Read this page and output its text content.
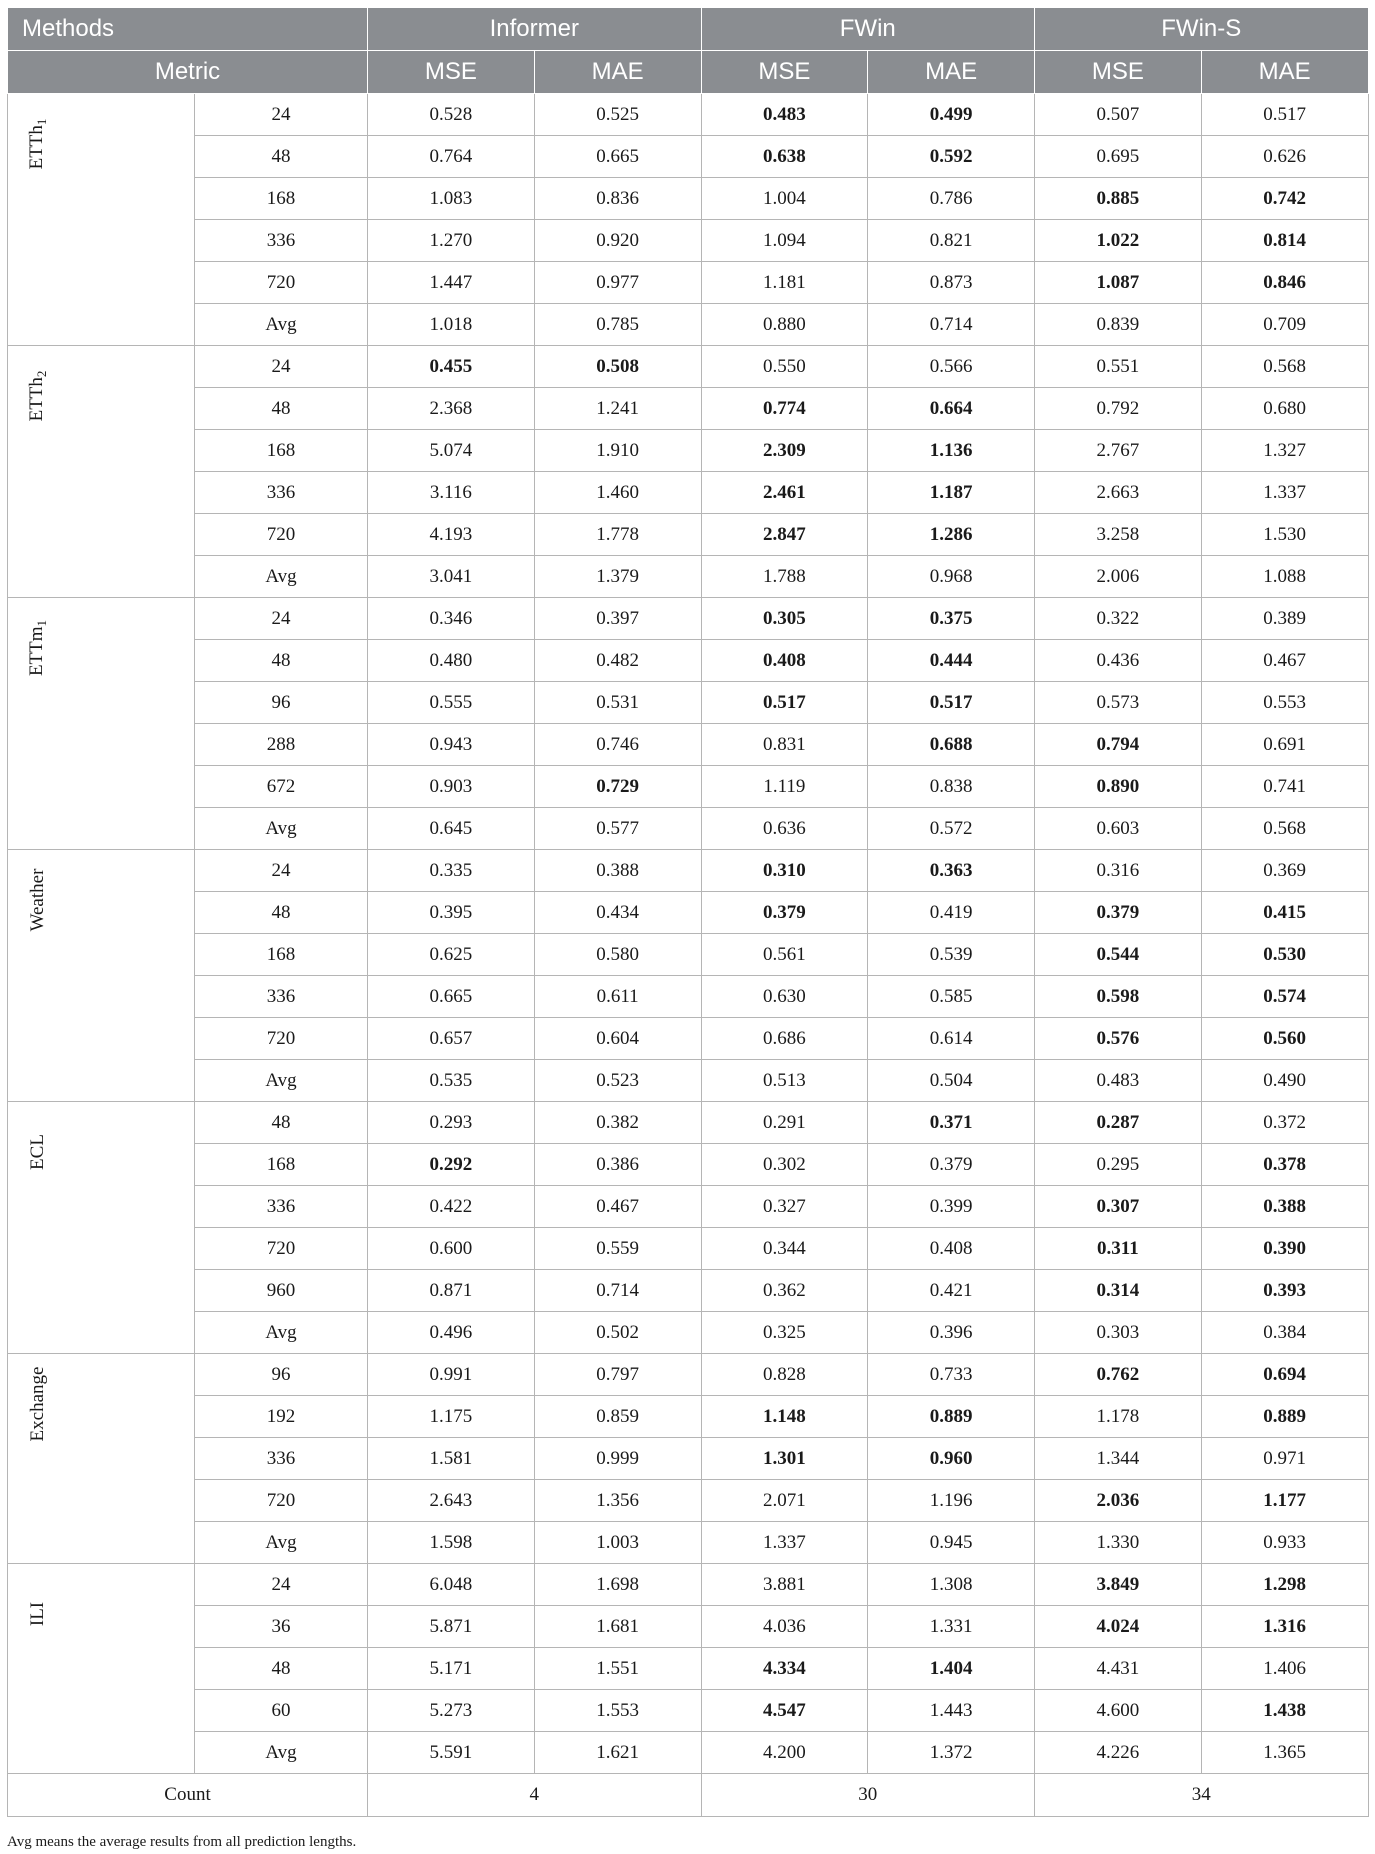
Methods		Informer		FWin		FWin-S	
Metric		MSE	MAE	MSE	MAE	MSE	MAE

ETTh$_1$	24	0.528	0.525	0.483	0.499	0.507	0.517
	48	0.764	0.665	0.638	0.592	0.695	0.626
	168	1.083	0.836	1.004	0.786	0.885	0.742
	336	1.270	0.920	1.094	0.821	1.022	0.814
	720	1.447	0.977	1.181	0.873	1.087	0.846
	Avg	1.018	0.785	0.880	0.714	0.839	0.709

ETTh$_2$	24	0.455	0.508	0.550	0.566	0.551	0.568
	48	2.368	1.241	0.774	0.664	0.792	0.680
	168	5.074	1.910	2.309	1.136	2.767	1.327
	336	3.116	1.460	2.461	1.187	2.663	1.337
	720	4.193	1.778	2.847	1.286	3.258	1.530
	Avg	3.041	1.379	1.788	0.968	2.006	1.088

ETTm$_1$	24	0.346	0.397	0.305	0.375	0.322	0.389
	48	0.480	0.482	0.408	0.444	0.436	0.467
	96	0.555	0.531	0.517	0.517	0.573	0.553
	288	0.943	0.746	0.831	0.688	0.794	0.691
	672	0.903	0.729	1.119	0.838	0.890	0.741
	Avg	0.645	0.577	0.636	0.572	0.603	0.568

Weather	24	0.335	0.388	0.310	0.363	0.316	0.369
	48	0.395	0.434	0.379	0.419	0.379	0.415
	168	0.625	0.580	0.561	0.539	0.544	0.530
	336	0.665	0.611	0.630	0.585	0.598	0.574
	720	0.657	0.604	0.686	0.614	0.576	0.560
	Avg	0.535	0.523	0.513	0.504	0.483	0.490

ECL	48	0.293	0.382	0.291	0.371	0.287	0.372
	168	0.292	0.386	0.302	0.379	0.295	0.378
	336	0.422	0.467	0.327	0.399	0.307	0.388
	720	0.600	0.559	0.344	0.408	0.311	0.390
	960	0.871	0.714	0.362	0.421	0.314	0.393
	Avg	0.496	0.502	0.325	0.396	0.303	0.384

Exchange	96	0.991	0.797	0.828	0.733	0.762	0.694
	192	1.175	0.859	1.148	0.889	1.178	0.889
	336	1.581	0.999	1.301	0.960	1.344	0.971
	720	2.643	1.356	2.071	1.196	2.036	1.177
	Avg	1.598	1.003	1.337	0.945	1.330	0.933

ILI	24	6.048	1.698	3.881	1.308	3.849	1.298
	36	5.871	1.681	4.036	1.331	4.024	1.316
	48	5.171	1.551	4.334	1.404	4.431	1.406
	60	5.273	1.553	4.547	1.443	4.600	1.438
	Avg	5.591	1.621	4.200	1.372	4.226	1.365
Count		4		30		34	
Avg means the average results from all prediction lengths.
